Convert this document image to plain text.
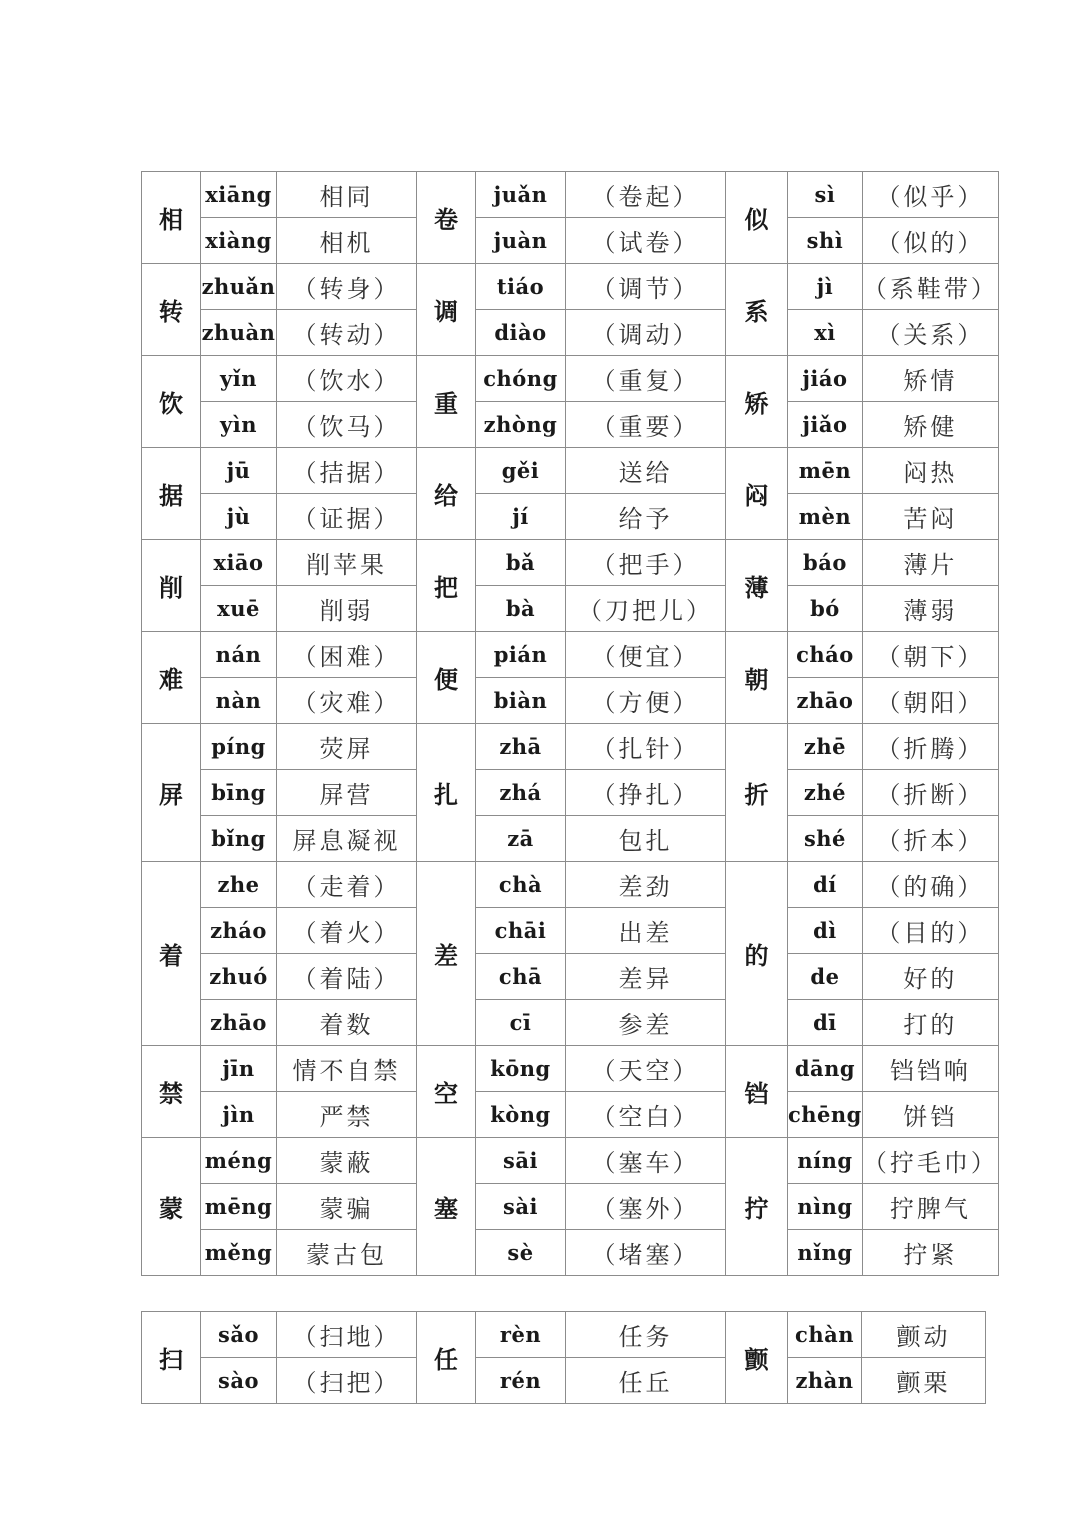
相	xiāng	相同	卷	juǎn	（卷起）	似	sì	（似乎）
	xiàng	相机		juàn	（试卷）		shì	（似的）
转	zhuǎn	（转身）	调	tiáo	（调节）	系	jì	（系鞋带）
	zhuàn	（转动）		diào	（调动）		xì	（关系）
饮	yǐn	（饮水）	重	chóng	（重复）	矫	jiáo	矫情
	yìn	（饮马）		zhòng	（重要）		jiǎo	矫健
据	jū	（拮据）	给	gěi	送给	闷	mēn	闷热
	jù	（证据）		jí	给予		mèn	苦闷
削	xiāo	削苹果	把	bǎ	（把手）	薄	báo	薄片
	xuē	削弱		bà	（刀把儿）		bó	薄弱
难	nán	（困难）	便	pián	（便宜）	朝	cháo	（朝下）
	nàn	（灾难）		biàn	（方便）		zhāo	（朝阳）
屏	píng	荧屏	扎	zhā	（扎针）	折	zhē	（折腾）
	bīng	屏营		zhá	（挣扎）		zhé	（折断）
	bǐng	屏息凝视		zā	包扎		shé	（折本）
着	zhe	（走着）	差	chà	差劲	的	dí	（的确）
	zháo	（着火）		chāi	出差		dì	（目的）
	zhuó	（着陆）		chā	差异		de	好的
	zhāo	着数		cī	参差		dī	打的
禁	jīn	情不自禁	空	kōng	（天空）	铛	dāng	铛铛响
	jìn	严禁		kòng	（空白）		chēng	饼铛
蒙	méng	蒙蔽	塞	sāi	（塞车）	拧	níng	（拧毛巾）
	mēng	蒙骗		sài	（塞外）		nìng	拧脾气
	měng	蒙古包		sè	（堵塞）		nǐng	拧紧
扫	sǎo	（扫地）	任	rèn	任务	颤	chàn	颤动
	sào	（扫把）		rén	任丘		zhàn	颤栗
